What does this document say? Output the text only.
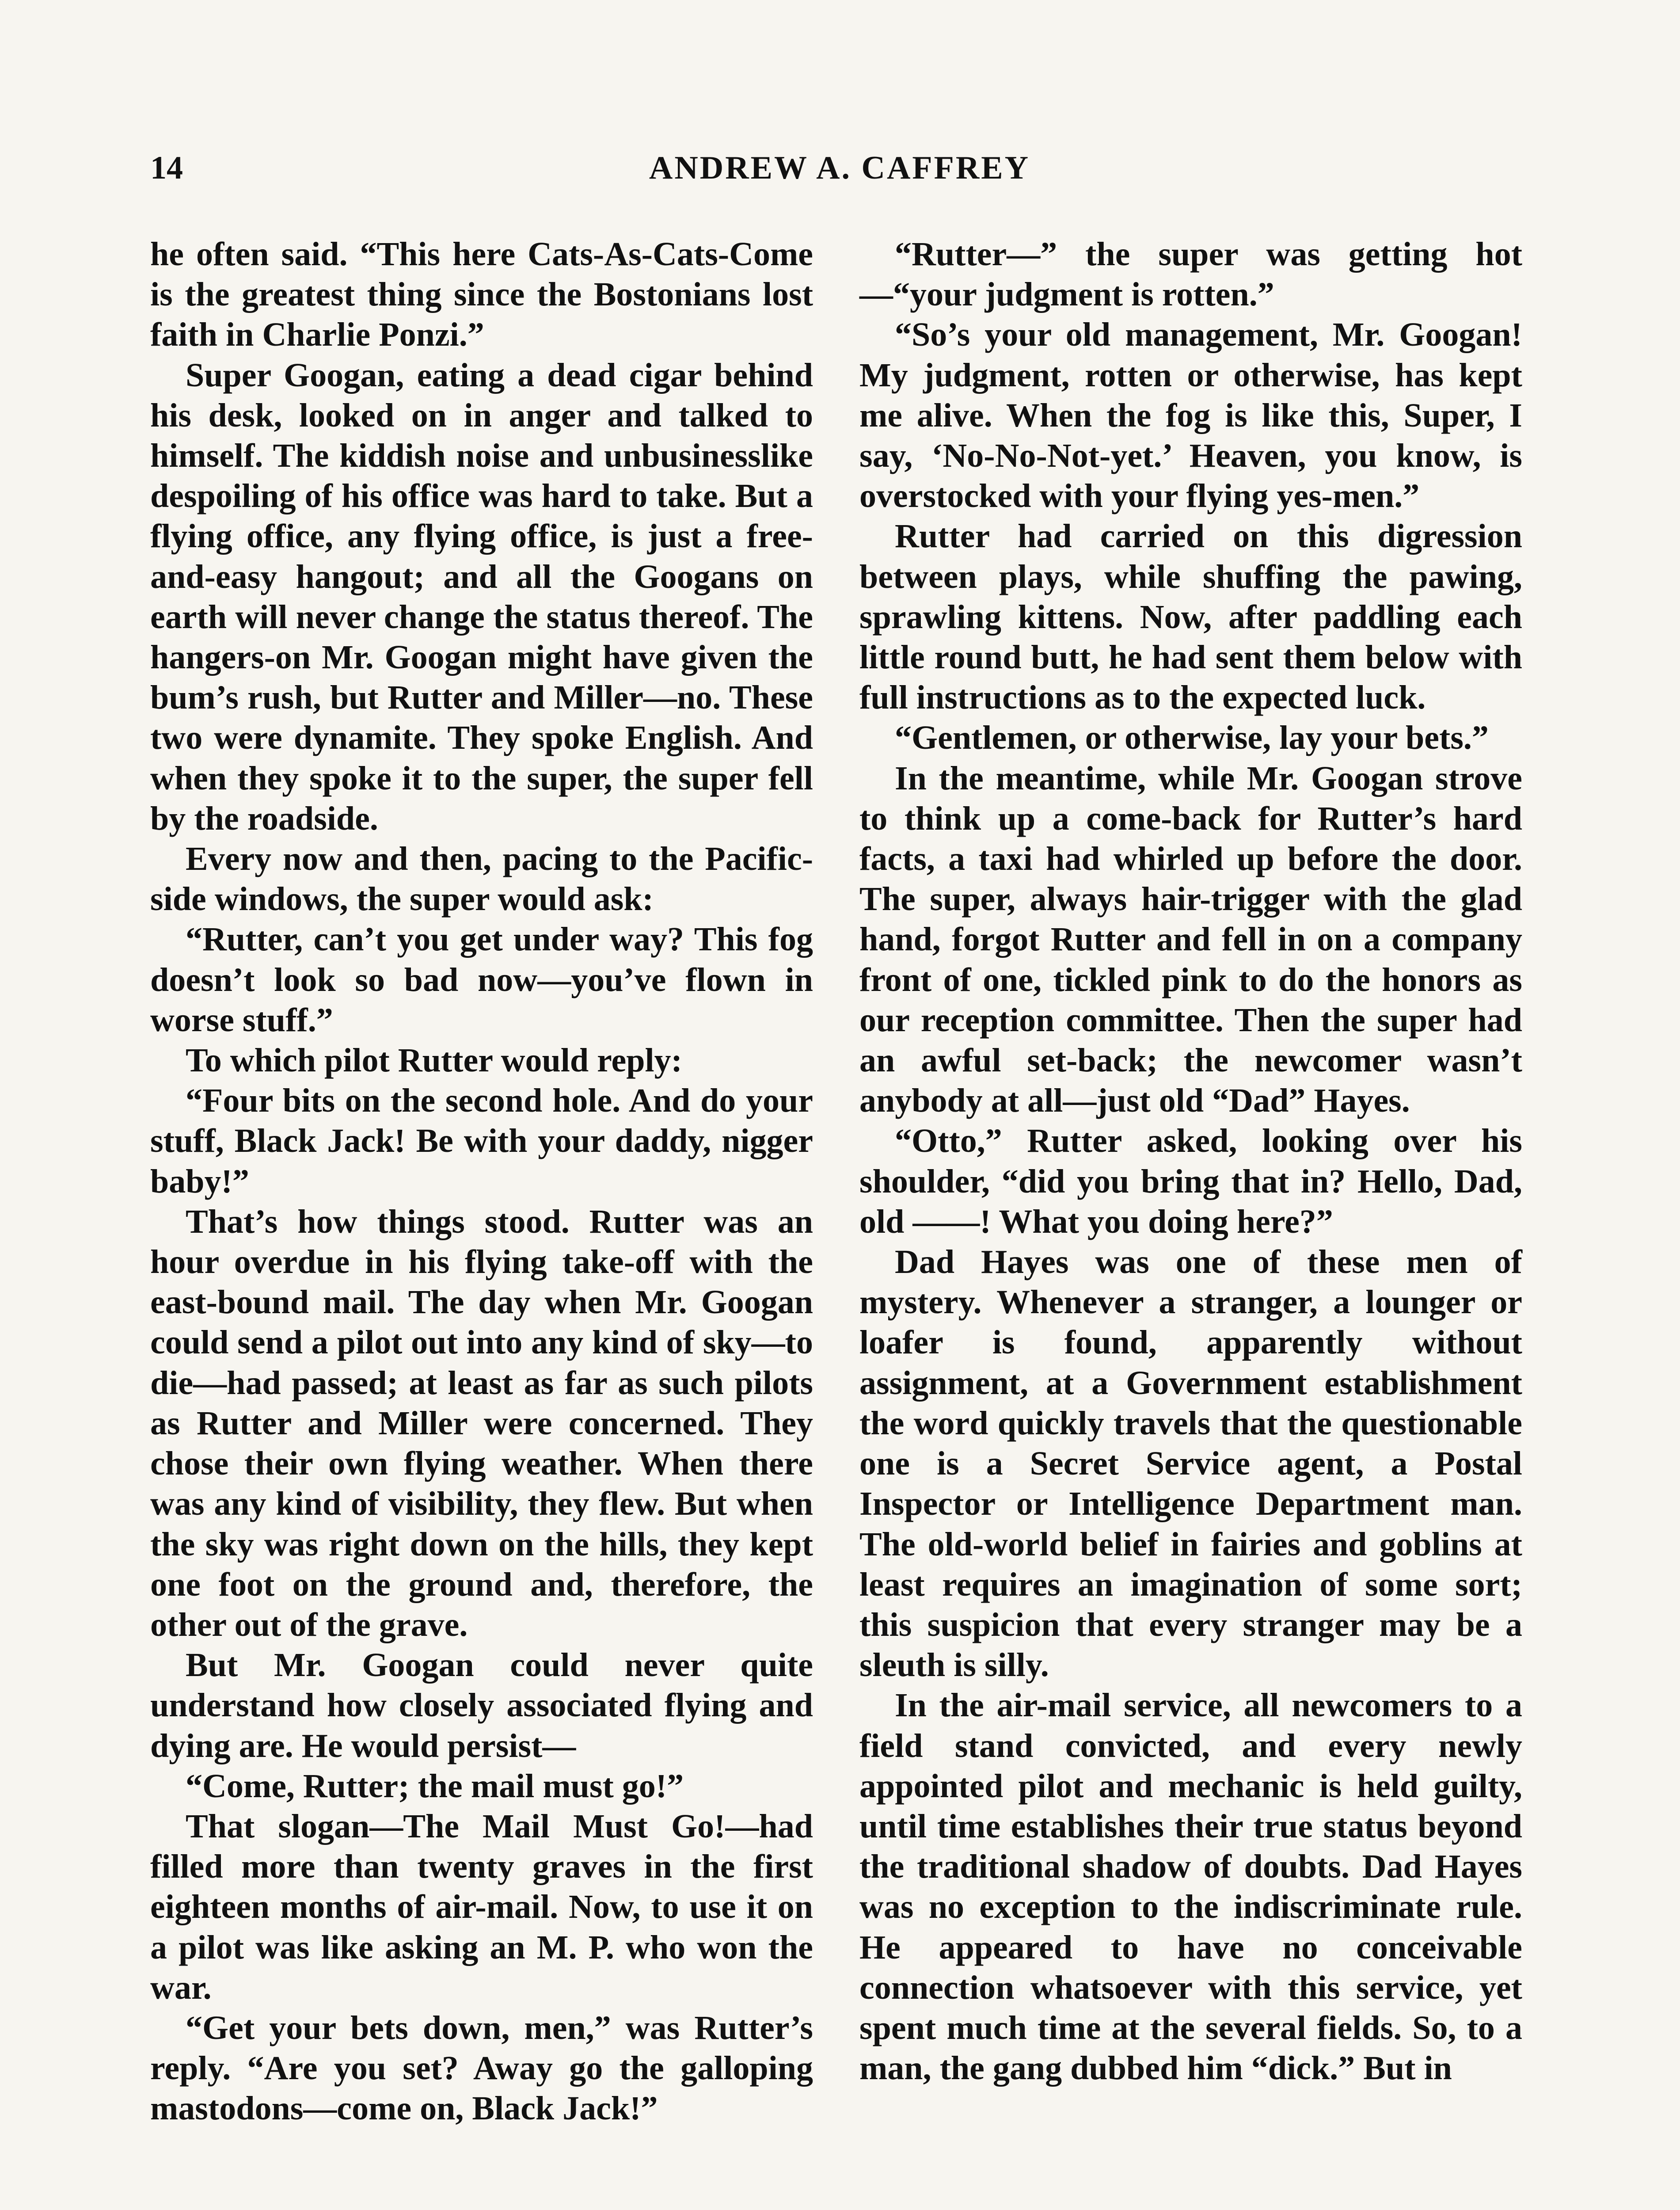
14	ANDREW A. CAFFREY

he often said. “This here Cats-As-Cats-Come is the greatest thing since the Bostonians lost faith in Charlie Ponzi.”

Super Googan, eating a dead cigar behind his desk, looked on in anger and talked to himself. The kiddish noise and unbusinesslike despoiling of his office was hard to take. But a flying office, any flying office, is just a free-and-easy hangout; and all the Googans on earth will never change the status thereof. The hangers-on Mr. Googan might have given the bum’s rush, but Rutter and Miller—no. These two were dynamite. They spoke English. And when they spoke it to the super, the super fell by the roadside.

Every now and then, pacing to the Pacific-side windows, the super would ask:

“Rutter, can’t you get under way? This fog doesn’t look so bad now—you’ve flown in worse stuff.”

To which pilot Rutter would reply:

“Four bits on the second hole. And do your stuff, Black Jack! Be with your daddy, nigger baby!”

That’s how things stood. Rutter was an hour overdue in his flying take-off with the east-bound mail. The day when Mr. Googan could send a pilot out into any kind of sky—to die—had passed; at least as far as such pilots as Rutter and Miller were concerned. They chose their own flying weather. When there was any kind of visibility, they flew. But when the sky was right down on the hills, they kept one foot on the ground and, therefore, the other out of the grave.

But Mr. Googan could never quite understand how closely associated flying and dying are. He would persist—

“Come, Rutter; the mail must go!”

That slogan—The Mail Must Go!—had filled more than twenty graves in the first eighteen months of air-mail. Now, to use it on a pilot was like asking an M. P. who won the war.

“Get your bets down, men,” was Rutter’s reply. “Are you set? Away go the galloping mastodons—come on, Black Jack!”

“Rutter—” the super was getting hot—“your judgment is rotten.”

“So’s your old management, Mr. Googan! My judgment, rotten or otherwise, has kept me alive. When the fog is like this, Super, I say, ‘No-No-Not-yet.’ Heaven, you know, is overstocked with your flying yes-men.”

Rutter had carried on this digression between plays, while shuffing the pawing, sprawling kittens. Now, after paddling each little round butt, he had sent them below with full instructions as to the expected luck.

“Gentlemen, or otherwise, lay your bets.”

In the meantime, while Mr. Googan strove to think up a come-back for Rutter’s hard facts, a taxi had whirled up before the door. The super, always hair-trigger with the glad hand, forgot Rutter and fell in on a company front of one, tickled pink to do the honors as our reception committee. Then the super had an awful set-back; the newcomer wasn’t anybody at all—just old “Dad” Hayes.

“Otto,” Rutter asked, looking over his shoulder, “did you bring that in? Hello, Dad, old ——! What you doing here?”

Dad Hayes was one of these men of mystery. Whenever a stranger, a lounger or loafer is found, apparently without assignment, at a Government establishment the word quickly travels that the questionable one is a Secret Service agent, a Postal Inspector or Intelligence Department man. The old-world belief in fairies and goblins at least requires an imagination of some sort; this suspicion that every stranger may be a sleuth is silly.

In the air-mail service, all newcomers to a field stand convicted, and every newly appointed pilot and mechanic is held guilty, until time establishes their true status beyond the traditional shadow of doubts. Dad Hayes was no exception to the indiscriminate rule. He appeared to have no conceivable connection whatsoever with this service, yet spent much time at the several fields. So, to a man, the gang dubbed him “dick.” But in
